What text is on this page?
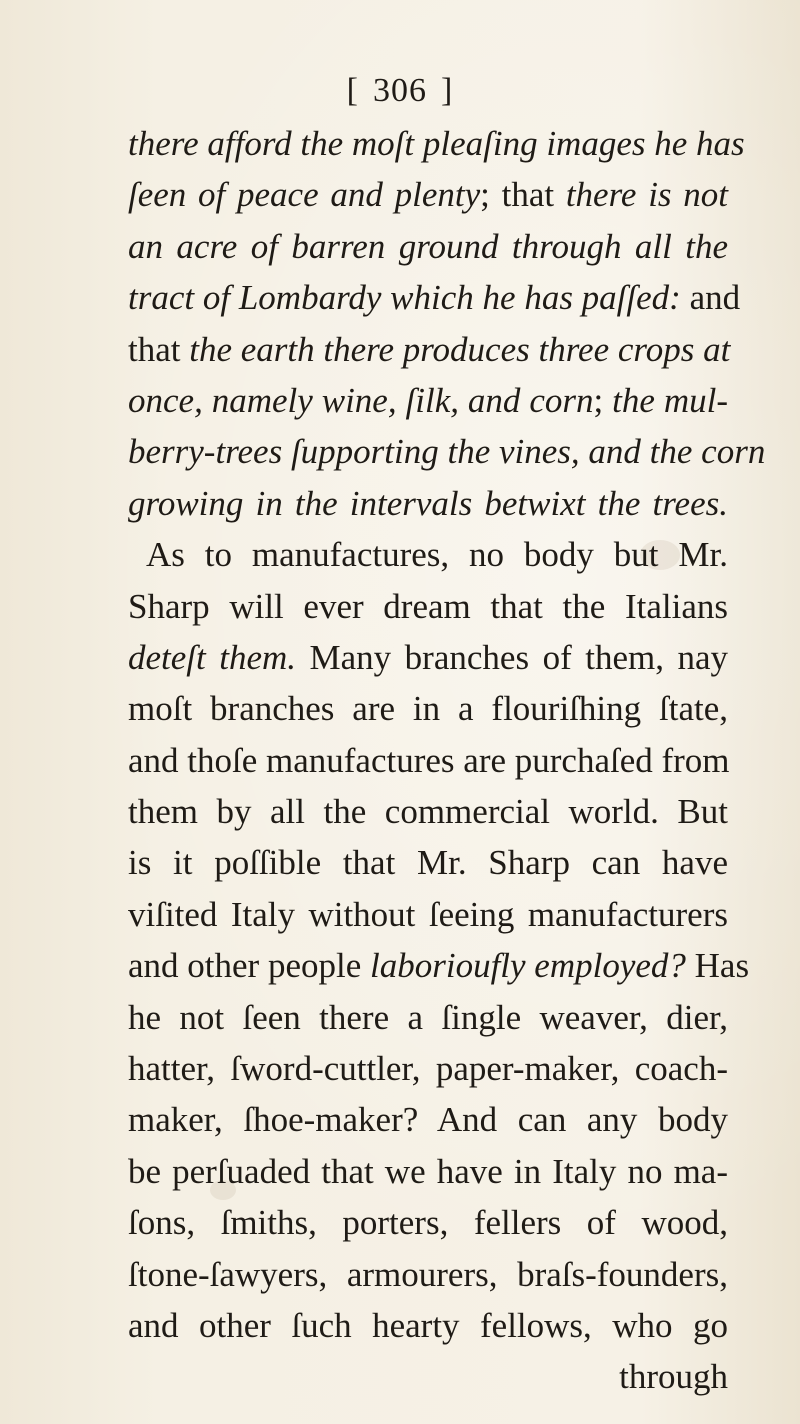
[ 306 ]
there afford the moſt pleaſing images he has
ſeen of peace and plenty; that there is not
an acre of barren ground through all the
tract of Lombardy which he has paſſed: and
that the earth there produces three crops at
once, namely wine, ſilk, and corn; the mul-
berry-trees ſupporting the vines, and the corn
growing in the intervals betwixt the trees.
As to manufactures, no body but Mr.
Sharp will ever dream that the Italians
deteſt them. Many branches of them, nay
moſt branches are in a flouriſhing ſtate,
and thoſe manufactures are purchaſed from
them by all the commercial world. But
is it poſſible that Mr. Sharp can have
viſited Italy without ſeeing manufacturers
and other people laborioufly employed? Has
he not ſeen there a ſingle weaver, dier,
hatter, ſword-cuttler, paper-maker, coach-
maker, ſhoe-maker? And can any body
be perſuaded that we have in Italy no ma-
ſons, ſmiths, porters, fellers of wood,
ſtone-ſawyers, armourers, braſs-founders,
and other ſuch hearty fellows, who go
through
